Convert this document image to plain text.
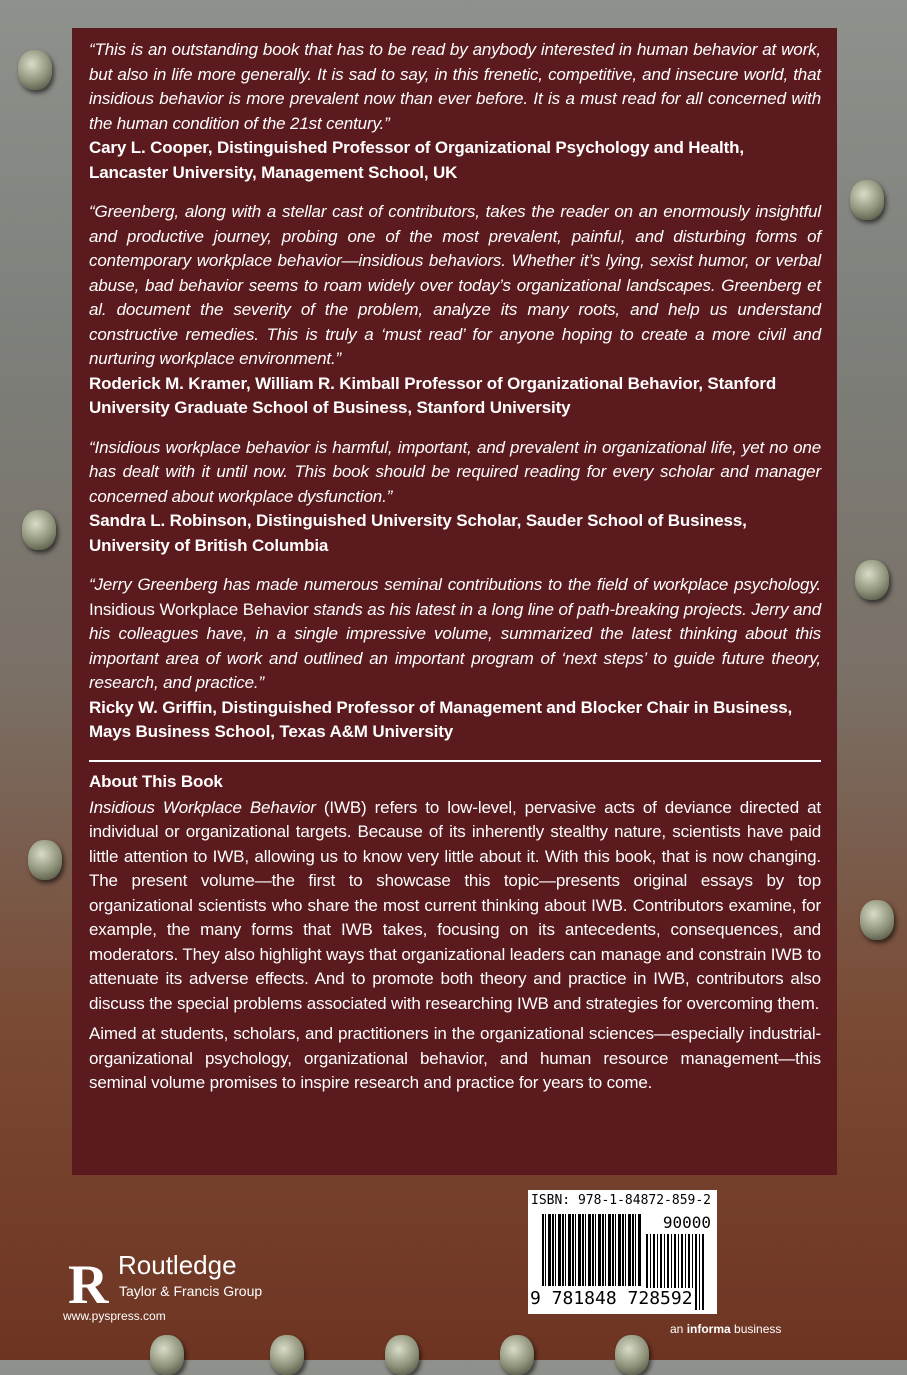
“This is an outstanding book that has to be read by anybody interested in human behavior at work, but also in life more generally. It is sad to say, in this frenetic, competitive, and insecure world, that insidious behavior is more prevalent now than ever before. It is a must read for all concerned with the human condition of the 21st century.”

Cary L. Cooper, Distinguished Professor of Organizational Psychology and Health, Lancaster University, Management School, UK

“Greenberg, along with a stellar cast of contributors, takes the reader on an enormously insightful and productive journey, probing one of the most prevalent, painful, and disturbing forms of contemporary workplace behavior—insidious behaviors. Whether it’s lying, sexist humor, or verbal abuse, bad behavior seems to roam widely over today’s organizational landscapes. Greenberg et al. document the severity of the problem, analyze its many roots, and help us understand constructive remedies. This is truly a ‘must read’ for anyone hoping to create a more civil and nurturing workplace environment.”

Roderick M. Kramer, William R. Kimball Professor of Organizational Behavior, Stanford University Graduate School of Business, Stanford University

“Insidious workplace behavior is harmful, important, and prevalent in organizational life, yet no one has dealt with it until now. This book should be required reading for every scholar and manager concerned about workplace dysfunction.”

Sandra L. Robinson, Distinguished University Scholar, Sauder School of Business, University of British Columbia

“Jerry Greenberg has made numerous seminal contributions to the field of workplace psychology. Insidious Workplace Behavior stands as his latest in a long line of path-breaking projects. Jerry and his colleagues have, in a single impressive volume, summarized the latest thinking about this important area of work and outlined an important program of ‘next steps’ to guide future theory, research, and practice.”

Ricky W. Griffin, Distinguished Professor of Management and Blocker Chair in Business, Mays Business School, Texas A&M University

About This Book

Insidious Workplace Behavior (IWB) refers to low-level, pervasive acts of deviance directed at individual or organizational targets. Because of its inherently stealthy nature, scientists have paid little attention to IWB, allowing us to know very little about it. With this book, that is now changing. The present volume—the first to showcase this topic—presents original essays by top organizational scientists who share the most current thinking about IWB. Contributors examine, for example, the many forms that IWB takes, focusing on its antecedents, consequences, and moderators. They also highlight ways that organizational leaders can manage and constrain IWB to attenuate its adverse effects. And to promote both theory and practice in IWB, contributors also discuss the special problems associated with researching IWB and strategies for overcoming them.

Aimed at students, scholars, and practitioners in the organizational sciences—especially industrial-organizational psychology, organizational behavior, and human resource management—this seminal volume promises to inspire research and practice for years to come.

R Routledge
Taylor & Francis Group
www.pyspress.com
ISBN: 978-1-84872-859-2
90000
9 781848 728592
an informa business
